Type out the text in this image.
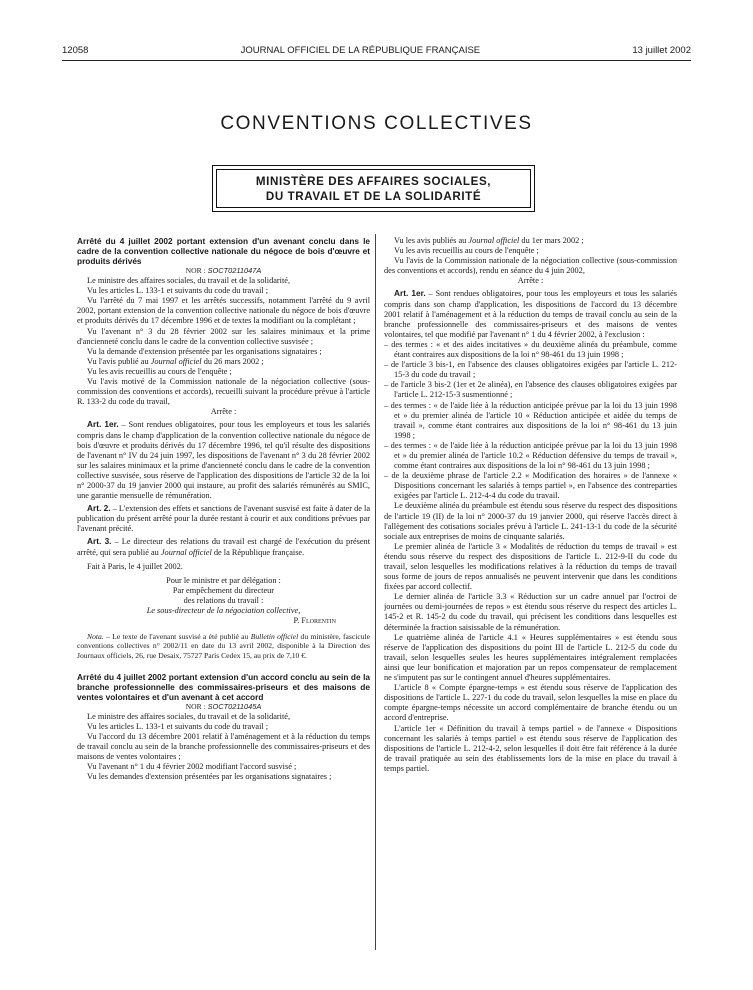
12058	JOURNAL OFFICIEL DE LA RÉPUBLIQUE FRANÇAISE	13 juillet 2002
CONVENTIONS COLLECTIVES
MINISTÈRE DES AFFAIRES SOCIALES,
DU TRAVAIL ET DE LA SOLIDARITÉ

Arrêté du 4 juillet 2002 portant extension d'un avenant conclu dans le cadre de la convention collective nationale du négoce de bois d'œuvre et produits dérivés

NOR : SOCT0211047A

Le ministre des affaires sociales, du travail et de la solidarité,

Vu les articles L. 133-1 et suivants du code du travail ;

Vu l'arrêté du 7 mai 1997 et les arrêtés successifs, notamment l'arrêté du 9 avril 2002, portant extension de la convention collective nationale du négoce de bois d'œuvre et produits dérivés du 17 décembre 1996 et de textes la modifiant ou la complétant ;

Vu l'avenant n° 3 du 28 février 2002 sur les salaires minimaux et la prime d'ancienneté conclu dans le cadre de la convention collective susvisée ;

Vu la demande d'extension présentée par les organisations signataires ;

Vu l'avis publié au Journal officiel du 26 mars 2002 ;

Vu les avis recueillis au cours de l'enquête ;

Vu l'avis motivé de la Commission nationale de la négociation collective (sous-commission des conventions et accords), recueilli suivant la procédure prévue à l'article R. 133-2 du code du travail,

Arrête :

Art. 1er. – Sont rendues obligatoires, pour tous les employeurs et tous les salariés compris dans le champ d'application de la convention collective nationale du négoce de bois d'œuvre et produits dérivés du 17 décembre 1996, tel qu'il résulte des dispositions de l'avenant n° IV du 24 juin 1997, les dispositions de l'avenant n° 3 du 28 février 2002 sur les salaires minimaux et la prime d'ancienneté conclu dans le cadre de la convention collective susvisée, sous réserve de l'application des dispositions de l'article 32 de la loi n° 2000-37 du 19 janvier 2000 qui instaure, au profit des salariés rémunérés au SMIC, une garantie mensuelle de rémunération.

Art. 2. – L'extension des effets et sanctions de l'avenant susvisé est faite à dater de la publication du présent arrêté pour la durée restant à courir et aux conditions prévues par l'avenant précité.

Art. 3. – Le directeur des relations du travail est chargé de l'exécution du présent arrêté, qui sera publié au Journal officiel de la République française.

Fait à Paris, le 4 juillet 2002.

Pour le ministre et par délégation :
Par empêchement du directeur
des relations du travail :
Le sous-directeur de la négociation collective,
P. Florentin

Nota. – Le texte de l'avenant susvisé a été publié au Bulletin officiel du ministère, fascicule conventions collectives n° 2002/11 en date du 13 avril 2002, disponible à la Direction des Journaux officiels, 26, rue Desaix, 75727 Paris Cedex 15, au prix de 7,10 €.

Arrêté du 4 juillet 2002 portant extension d'un accord conclu au sein de la branche professionnelle des commissaires-priseurs et des maisons de ventes volontaires et d'un avenant à cet accord

NOR : SOCT0211045A

Le ministre des affaires sociales, du travail et de la solidarité,

Vu les articles L. 133-1 et suivants du code du travail ;

Vu l'accord du 13 décembre 2001 relatif à l'aménagement et à la réduction du temps de travail conclu au sein de la branche professionnelle des commissaires-priseurs et des maisons de ventes volontaires ;

Vu l'avenant n° 1 du 4 février 2002 modifiant l'accord susvisé ;

Vu les demandes d'extension présentées par les organisations signataires ;

Vu les avis publiés au Journal officiel du 1er mars 2002 ;

Vu les avis recueillis au cours de l'enquête ;

Vu l'avis de la Commission nationale de la négociation collective (sous-commission des conventions et accords), rendu en séance du 4 juin 2002,

Arrête :

Art. 1er. – Sont rendues obligatoires, pour tous les employeurs et tous les salariés compris dans son champ d'application, les dispositions de l'accord du 13 décembre 2001 relatif à l'aménagement et à la réduction du temps de travail conclu au sein de la branche professionnelle des commissaires-priseurs et des maisons de ventes volontaires, tel que modifié par l'avenant n° 1 du 4 février 2002, à l'exclusion :

– des termes : « et des aides incitatives » du deuxième alinéa du préambule, comme étant contraires aux dispositions de la loi n° 98-461 du 13 juin 1998 ;

– de l'article 3 bis-1, en l'absence des clauses obligatoires exigées par l'article L. 212-15-3 du code du travail ;

– de l'article 3 bis-2 (1er et 2e alinéa), en l'absence des clauses obligatoires exigées par l'article L. 212-15-3 susmentionné ;

– des termes : « de l'aide liée à la réduction anticipée prévue par la loi du 13 juin 1998 et » du premier alinéa de l'article 10 « Réduction anticipée et aidée du temps de travail », comme étant contraires aux dispositions de la loi n° 98-461 du 13 juin 1998 ;

– des termes : « de l'aide liée à la réduction anticipée prévue par la loi du 13 juin 1998 et » du premier alinéa de l'article 10.2 « Réduction défensive du temps de travail », comme étant contraires aux dispositions de la loi n° 98-461 du 13 juin 1998 ;

– de la deuxième phrase de l'article 2.2 « Modification des horaires » de l'annexe « Dispositions concernant les salariés à temps partiel », en l'absence des contreparties exigées par l'article L. 212-4-4 du code du travail.

Le deuxième alinéa du préambule est étendu sous réserve du respect des dispositions de l'article 19 (II) de la loi n° 2000-37 du 19 janvier 2000, qui réserve l'accès direct à l'allègement des cotisations sociales prévu à l'article L. 241-13-1 du code de la sécurité sociale aux entreprises de moins de cinquante salariés.

Le premier alinéa de l'article 3 « Modalités de réduction du temps de travail » est étendu sous réserve du respect des dispositions de l'article L. 212-9-II du code du travail, selon lesquelles les modifications relatives à la réduction du temps de travail sous forme de jours de repos annualisés ne peuvent intervenir que dans les conditions fixées par accord collectif.

Le dernier alinéa de l'article 3.3 « Réduction sur un cadre annuel par l'octroi de journées ou demi-journées de repos » est étendu sous réserve du respect des articles L. 145-2 et R. 145-2 du code du travail, qui précisent les conditions dans lesquelles est déterminée la fraction saisissable de la rémunération.

Le quatrième alinéa de l'article 4.1 « Heures supplémentaires » est étendu sous réserve de l'application des dispositions du point III de l'article L. 212-5 du code du travail, selon lesquelles seules les heures supplémentaires intégralement remplacées ainsi que leur bonification et majoration par un repos compensateur de remplacement ne s'imputent pas sur le contingent annuel d'heures supplémentaires.

L'article 8 « Compte épargne-temps » est étendu sous réserve de l'application des dispositions de l'article L. 227-1 du code du travail, selon lesquelles la mise en place du compte épargne-temps nécessite un accord complémentaire de branche étendu ou un accord d'entreprise.

L'article 1er « Définition du travail à temps partiel » de l'annexe « Dispositions concernant les salariés à temps partiel » est étendu sous réserve de l'application des dispositions de l'article L. 212-4-2, selon lesquelles il doit être fait référence à la durée de travail pratiquée au sein des établissements lors de la mise en place du travail à temps partiel.
